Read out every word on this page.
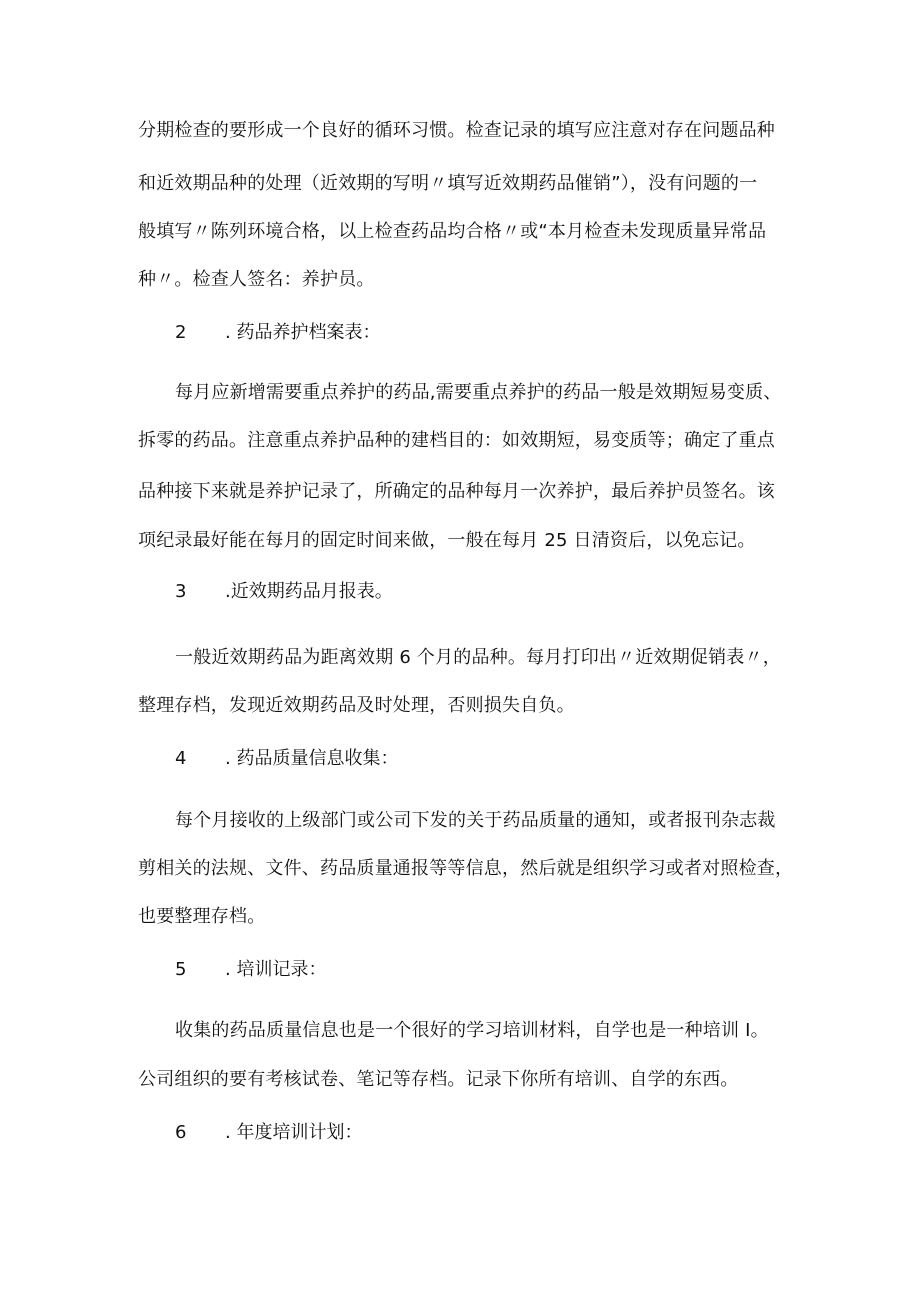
分期检查的要形成一个良好的循环习惯。检查记录的填写应注意对存在问题品种

和近效期品种的处理（近效期的写明〃填写近效期药品催销”），没有问题的一

般填写〃陈列环境合格，以上检查药品均合格〃或“本月检查未发现质量异常品

种〃。检查人签名：养护员。

2 . 药品养护档案表：

每月应新增需要重点养护的药品,需要重点养护的药品一般是效期短易变质、

拆零的药品。注意重点养护品种的建档目的：如效期短，易变质等；确定了重点

品种接下来就是养护记录了，所确定的品种每月一次养护，最后养护员签名。该

项纪录最好能在每月的固定时间来做，一般在每月 25 日清资后，以免忘记。

3 .近效期药品月报表。

一般近效期药品为距离效期 6 个月的品种。每月打印出〃近效期促销表〃，

整理存档，发现近效期药品及时处理，否则损失自负。

4 . 药品质量信息收集：

每个月接收的上级部门或公司下发的关于药品质量的通知，或者报刊杂志裁

剪相关的法规、文件、药品质量通报等等信息，然后就是组织学习或者对照检查，

也要整理存档。

5 . 培训记录：

收集的药品质量信息也是一个很好的学习培训材料，自学也是一种培训 I。

公司组织的要有考核试卷、笔记等存档。记录下你所有培训、自学的东西。

6 . 年度培训计划：
